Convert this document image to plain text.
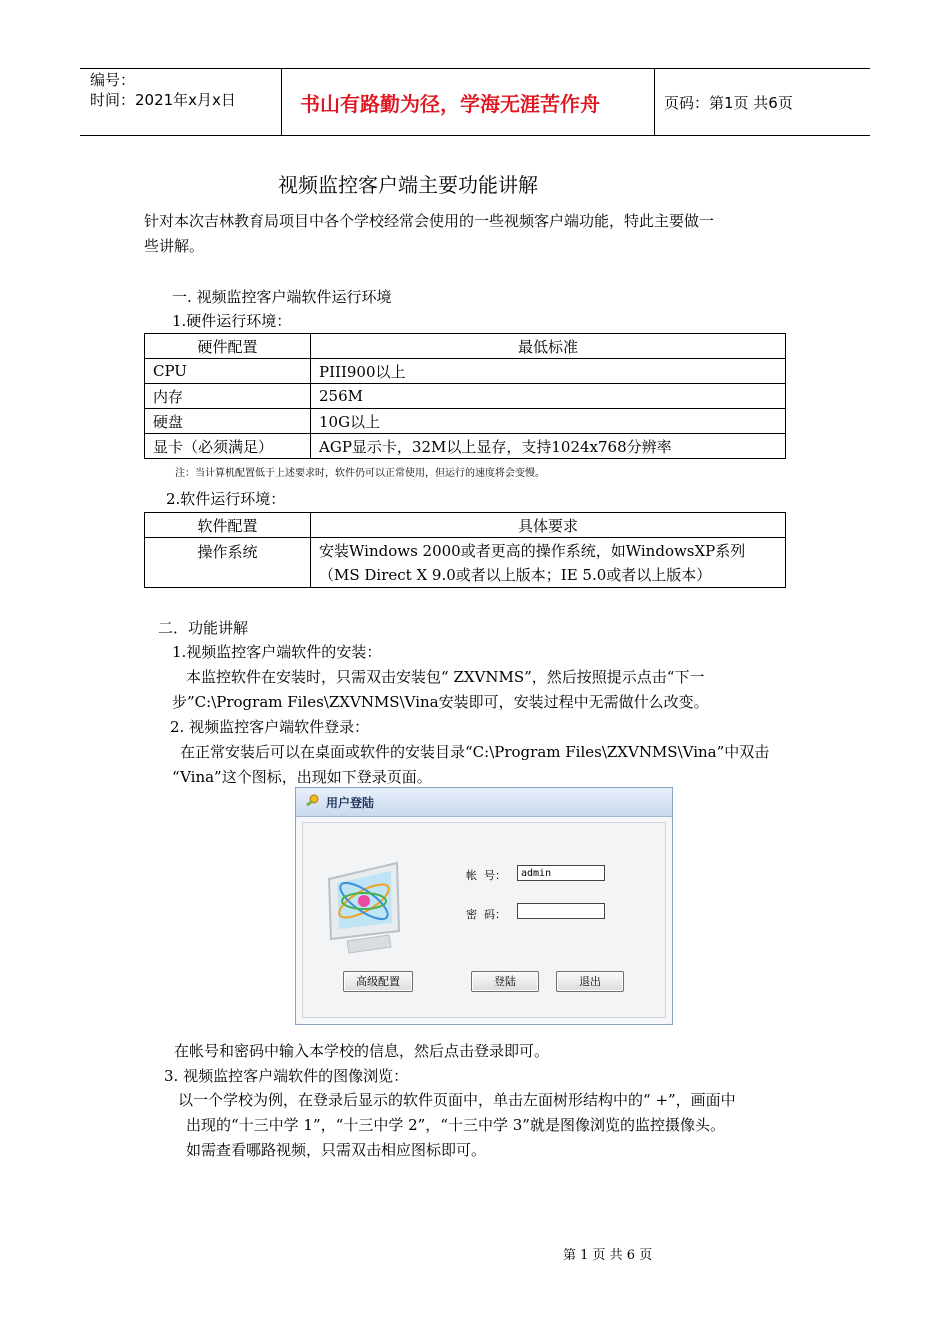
编号：
时间：2021年x月x日	书山有路勤为径，学海无涯苦作舟	页码：第1页 共6页
视频监控客户端主要功能讲解
针对本次吉林教育局项目中各个学校经常会使用的一些视频客户端功能，特此主要做一
些讲解。
一. 视频监控客户端软件运行环境
1.硬件运行环境：
硬件配置	最低标准
CPU	PIII900以上
内存	256M
硬盘	10G以上
显卡（必须满足）	AGP显示卡，32M以上显存，支持1024x768分辨率
注：当计算机配置低于上述要求时，软件仍可以正常使用，但运行的速度将会变慢。
2.软件运行环境：
软件配置	具体要求
操作系统	安装Windows 2000或者更高的操作系统，如WindowsXP系列
（MS Direct X 9.0或者以上版本；IE 5.0或者以上版本）
二．功能讲解
1.视频监控客户端软件的安装：
本监控软件在安装时，只需双击安装包“ ZXVNMS”，然后按照提示点击“下一
步”C:\Program Files\ZXVNMS\Vina安装即可，安装过程中无需做什么改变。
2. 视频监控客户端软件登录：
在正常安装后可以在桌面或软件的安装目录“C:\Program Files\ZXVNMS\Vina”中双击
“Vina”这个图标，出现如下登录页面。
用户登陆
帐  号：	admin
密  码：
高级配置	登陆	退出
在帐号和密码中输入本学校的信息，然后点击登录即可。
3. 视频监控客户端软件的图像浏览：
以一个学校为例，在登录后显示的软件页面中，单击左面树形结构中的“ +”，画面中
出现的“十三中学 1”，“十三中学 2”，“十三中学 3”就是图像浏览的监控摄像头。
如需查看哪路视频，只需双击相应图标即可。
第 1 页 共 6 页
